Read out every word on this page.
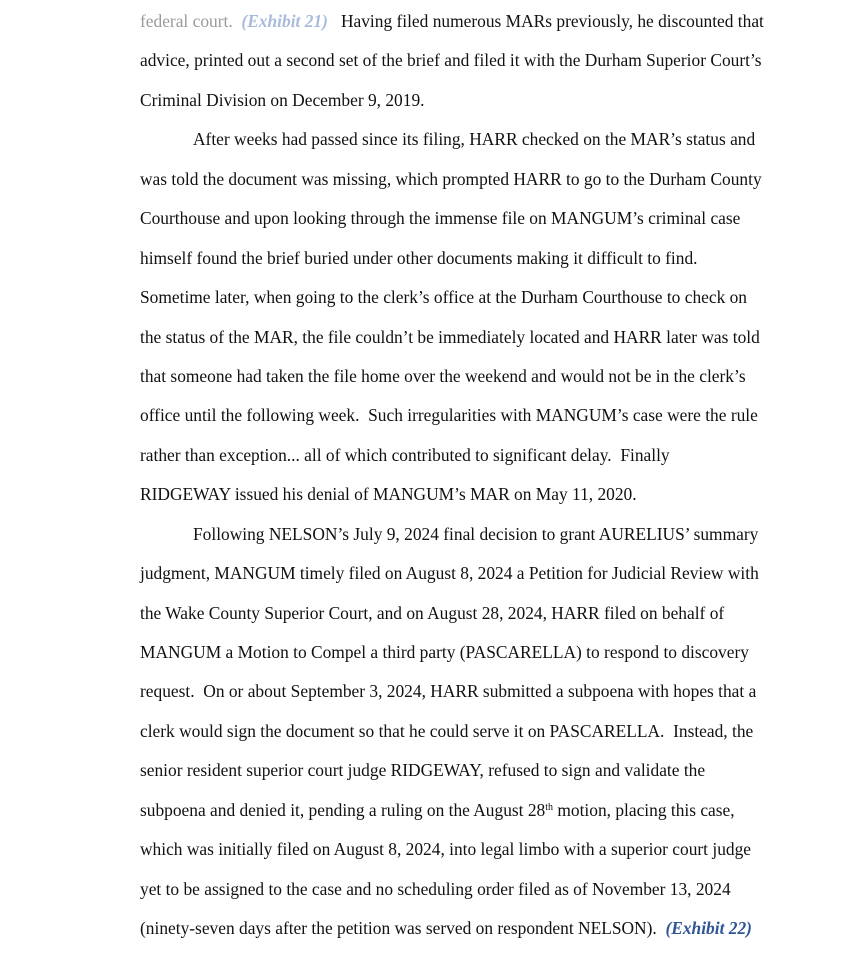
federal court. (Exhibit 21) Having filed numerous MARs previously, he discounted that
advice, printed out a second set of the brief and filed it with the Durham Superior Court’s
Criminal Division on December 9, 2019.
After weeks had passed since its filing, HARR checked on the MAR’s status and
was told the document was missing, which prompted HARR to go to the Durham County
Courthouse and upon looking through the immense file on MANGUM’s criminal case
himself found the brief buried under other documents making it difficult to find.
Sometime later, when going to the clerk’s office at the Durham Courthouse to check on
the status of the MAR, the file couldn’t be immediately located and HARR later was told
that someone had taken the file home over the weekend and would not be in the clerk’s
office until the following week.  Such irregularities with MANGUM’s case were the rule
rather than exception... all of which contributed to significant delay.  Finally
RIDGEWAY issued his denial of MANGUM’s MAR on May 11, 2020.
Following NELSON’s July 9, 2024 final decision to grant AURELIUS’ summary
judgment, MANGUM timely filed on August 8, 2024 a Petition for Judicial Review with
the Wake County Superior Court, and on August 28, 2024, HARR filed on behalf of
MANGUM a Motion to Compel a third party (PASCARELLA) to respond to discovery
request.  On or about September 3, 2024, HARR submitted a subpoena with hopes that a
clerk would sign the document so that he could serve it on PASCARELLA.  Instead, the
senior resident superior court judge RIDGEWAY, refused to sign and validate the
subpoena and denied it, pending a ruling on the August 28th motion, placing this case,
which was initially filed on August 8, 2024, into legal limbo with a superior court judge
yet to be assigned to the case and no scheduling order filed as of November 13, 2024
(ninety-seven days after the petition was served on respondent NELSON).  (Exhibit 22)
